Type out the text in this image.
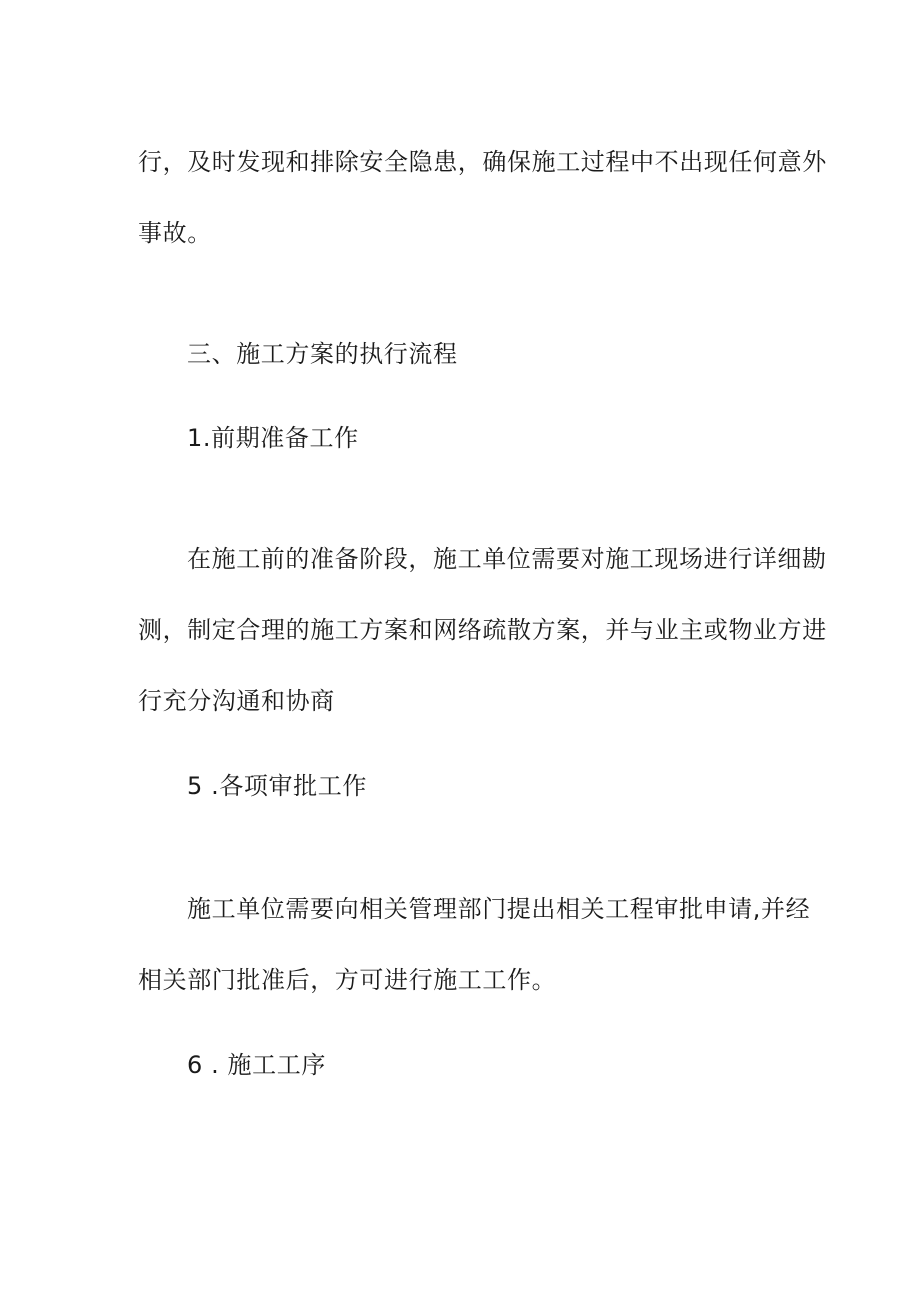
行，及时发现和排除安全隐患，确保施工过程中不出现任何意外
事故。
三、施工方案的执行流程
1.前期准备工作
在施工前的准备阶段，施工单位需要对施工现场进行详细勘
测，制定合理的施工方案和网络疏散方案，并与业主或物业方进
行充分沟通和协商
5 .各项审批工作
施工单位需要向相关管理部门提出相关工程审批申请,并经
相关部门批准后，方可进行施工工作。
6 . 施工工序
